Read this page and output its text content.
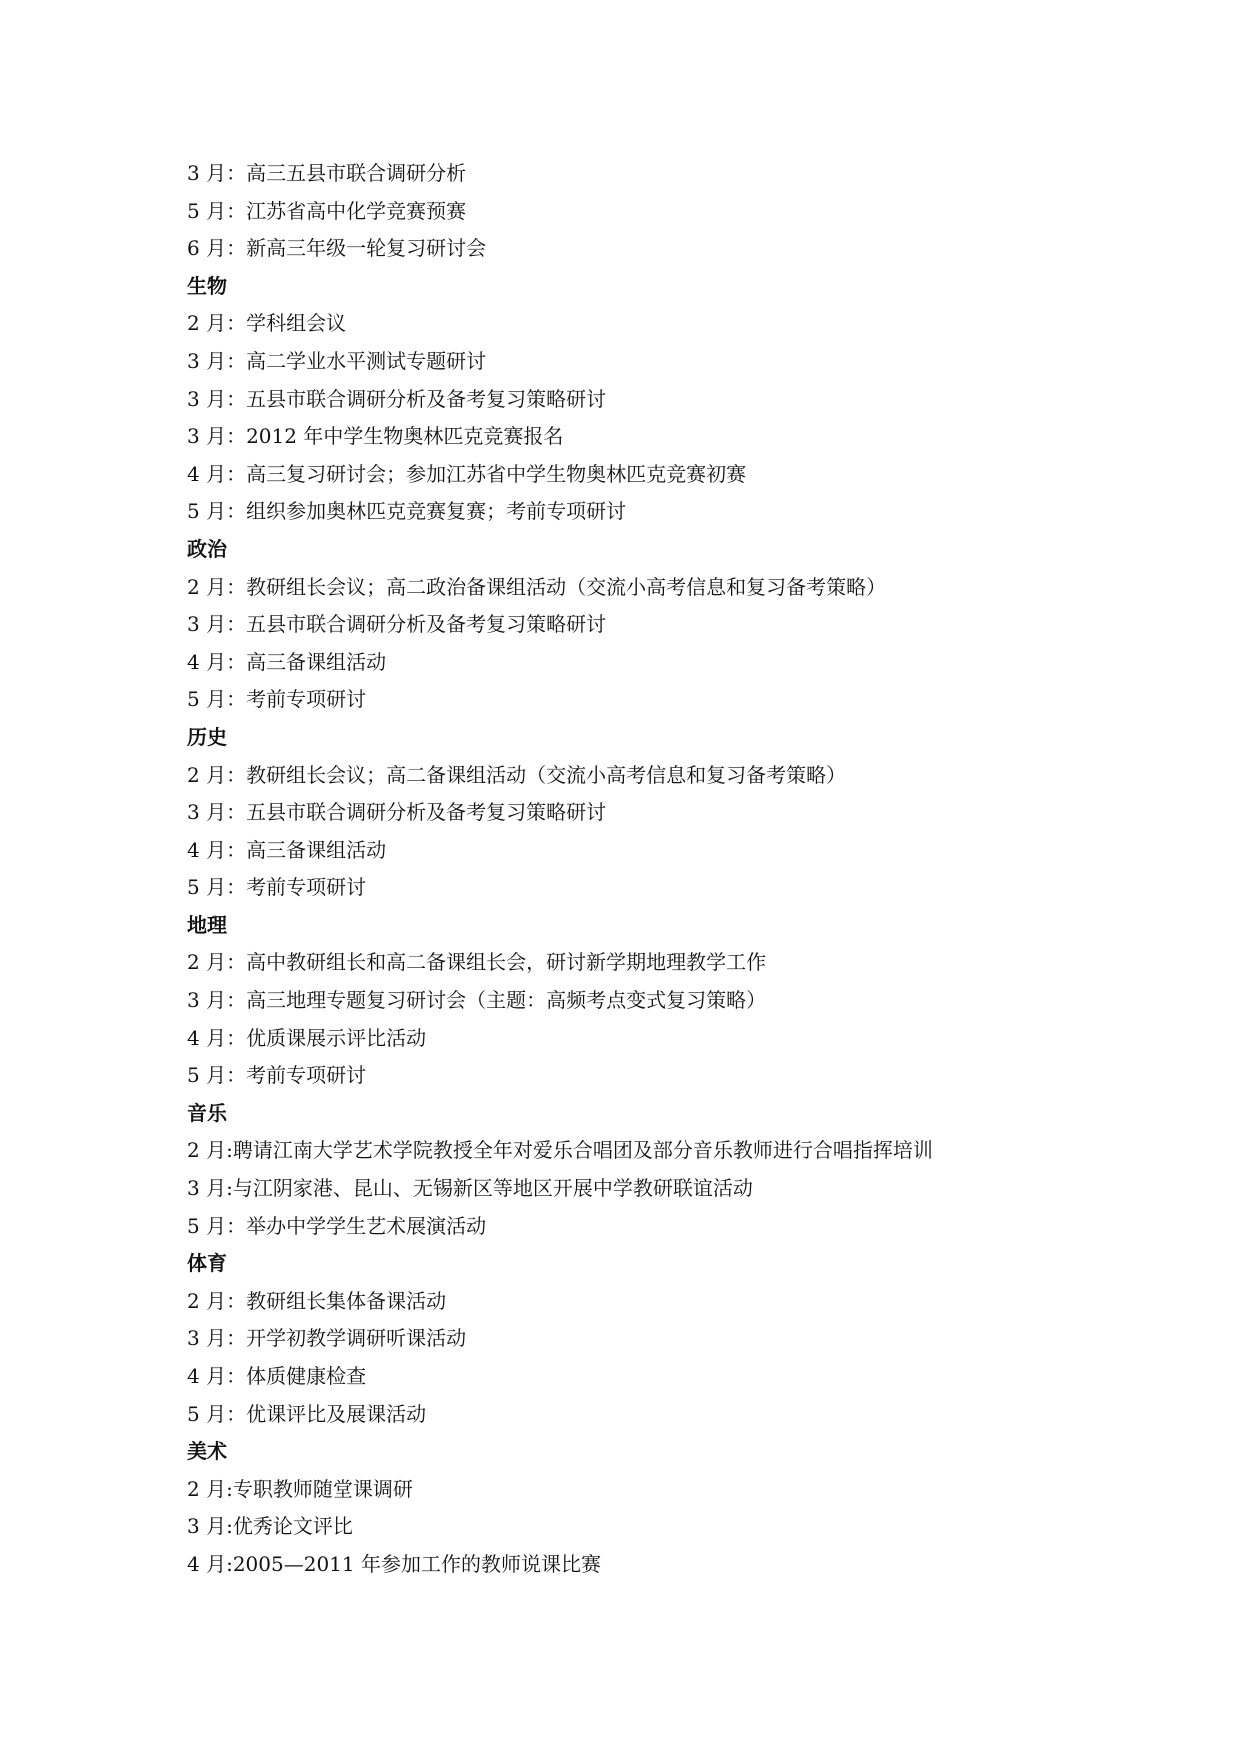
3 月：高三五县市联合调研分析
5 月：江苏省高中化学竞赛预赛
6 月：新高三年级一轮复习研讨会
生物
2 月：学科组会议
3 月：高二学业水平测试专题研讨
3 月：五县市联合调研分析及备考复习策略研讨
3 月：2012 年中学生物奥林匹克竞赛报名
4 月：高三复习研讨会；参加江苏省中学生物奥林匹克竞赛初赛
5 月：组织参加奥林匹克竞赛复赛；考前专项研讨
政治
2 月：教研组长会议；高二政治备课组活动（交流小高考信息和复习备考策略）
3 月：五县市联合调研分析及备考复习策略研讨
4 月：高三备课组活动
5 月：考前专项研讨
历史
2 月：教研组长会议；高二备课组活动（交流小高考信息和复习备考策略）
3 月：五县市联合调研分析及备考复习策略研讨
4 月：高三备课组活动
5 月：考前专项研讨
地理
2 月：高中教研组长和高二备课组长会，研讨新学期地理教学工作
3 月：高三地理专题复习研讨会（主题：高频考点变式复习策略）
4 月：优质课展示评比活动
5 月：考前专项研讨
音乐
2 月:聘请江南大学艺术学院教授全年对爱乐合唱团及部分音乐教师进行合唱指挥培训
3 月:与江阴家港、昆山、无锡新区等地区开展中学教研联谊活动
5 月：举办中学学生艺术展演活动
体育
2 月：教研组长集体备课活动
3 月：开学初教学调研听课活动
4 月：体质健康检查
5 月：优课评比及展课活动
美术
2 月:专职教师随堂课调研
3 月:优秀论文评比
4 月:2005—2011 年参加工作的教师说课比赛
